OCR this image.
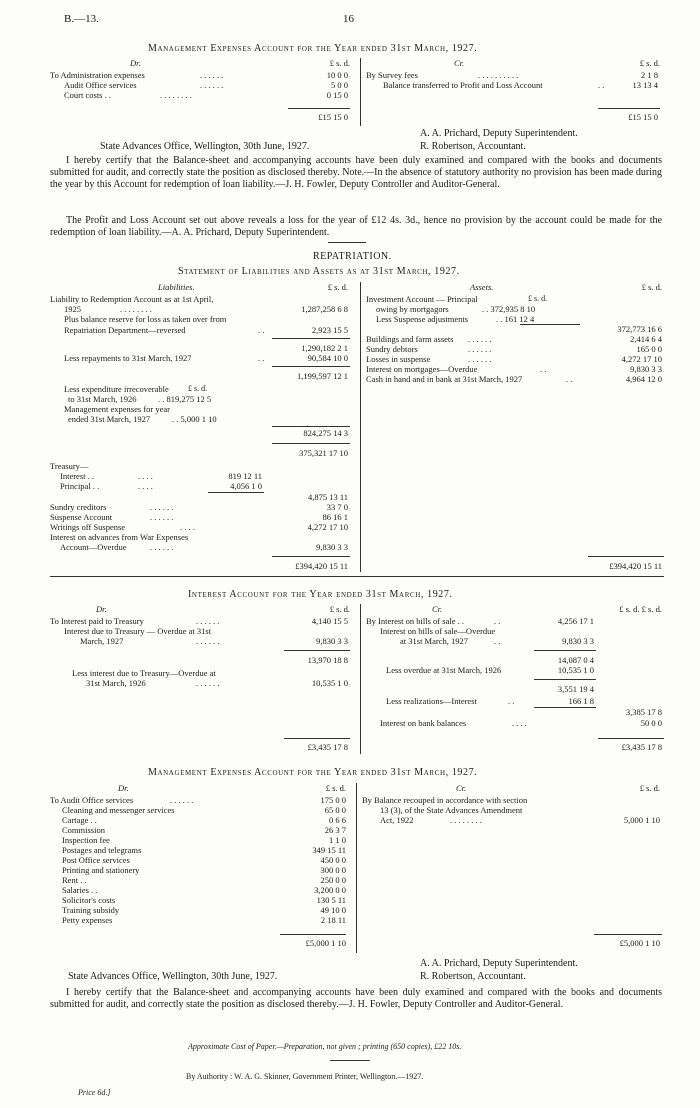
B.—13.	16
Management Expenses Account for the Year ended 31st March, 1927.
Dr.	Cr.
£ s. d.	£ s. d.
To Administration expenses	. . . . . .	10 0 0
Audit Office services	. . . . . .	5 0 0
Court costs . .	. . . . . . . .	0 15 0
By Survey fees	. . . . . . . . . .	2 1 8
Balance transferred to Profit and Loss Account	. .	13 13 4
£15 15 0	£15 15 0
A. A. Prichard, Deputy Superintendent.
State Advances Office, Wellington, 30th June, 1927.	R. Robertson, Accountant.
I hereby certify that the Balance-sheet and accompanying accounts have been duly examined and compared with the books and documents submitted for audit, and correctly state the position as disclosed thereby. Note.—In the absence of statutory authority no provision has been made during the year by this Account for redemption of loan liability.—J. H. Fowler, Deputy Controller and Auditor-General.
The Profit and Loss Account set out above reveals a loss for the year of £12 4s. 3d., hence no provision by the account could be made for the redemption of loan liability.—A. A. Prichard, Deputy Superintendent.
REPATRIATION.
Statement of Liabilities and Assets as at 31st March, 1927.
Liabilities.	Assets.
£ s. d.	£ s. d.
Liability to Redemption Account as at 1st April,
1925	. . . . . . . .	1,287,258 6 8
Plus balance reserve for loss as taken over from
Repatriation Department—reversed	. .	2,923 15 5
1,290,182 2 1
Less repayments to 31st March, 1927	. .	90,584 10 0
1,199,597 12 1
Less expenditure irrecoverable £ s. d.
to 31st March, 1926	. . 819,275 12 5
Management expenses for year
ended 31st March, 1927	. . 5,000 1 10
824,275 14 3
375,321 17 10
Treasury—
Interest . .	. . . .	819 12 11
Principal . .	. . . .	4,056 1 0
4,875 13 11
Sundry creditors	. . . . . .	33 7 0
Suspense Account	. . . . . .	86 16 1
Writings off Suspense	. . . .	4,272 17 10
Interest on advances from War Expenses
Account—Overdue	. . . . . .	9,830 3 3
£394,420 15 11
Investment Account — Principal	£ s. d.
owing by mortgagors	. . 372,935 8 10
Less Suspense adjustments	. . 161 12 4
372,773 16 6
Buildings and farm assets . . . . . .	2,414 6 4
Sundry debtors	. . . . . .	165 0 0
Losses in suspense	. . . . . .	4,272 17 10
Interest on mortgages—Overdue	. .	9,830 3 3
Cash in hand and in bank at 31st March, 1927	. .	4,964 12 0
£394,420 15 11
Interest Account for the Year ended 31st March, 1927.
Dr.	Cr.
£ s. d.	£ s. d. £ s. d.
To Interest paid to Treasury	. . . . . .	4,140 15 5
Interest due to Treasury — Overdue at 31st
March, 1927	. . . . . .	9,830 3 3
13,970 18 8
Less interest due to Treasury—Overdue at
31st March, 1926	. . . . . .	10,535 1 0
£3,435 17 8
By Interest on bills of sale . .	. .	4,256 17 1
Interest on bills of sale—Overdue
at 31st March, 1927	. .	9,830 3 3
14,087 0 4
Less overdue at 31st March, 1926	10,535 1 0
3,551 19 4
Less realizations—Interest	. .	166 1 8
3,385 17 8
Interest on bank balances	. . . .	50 0 0
£3,435 17 8
Management Expenses Account for the Year ended 31st March, 1927.
Dr.	Cr.
£ s. d.	£ s. d.
To Audit Office services	175 0 0
Cleaning and messenger services	65 0 0
Cartage . .	0 6 6
Commission	26 3 7
Inspection fee	1 1 0
Postages and telegrams	349 15 11
Post Office services	450 0 0
Printing and stationery	300 0 0
Rent . .	250 0 0
Salaries . .	3,200 0 0
Solicitor's costs	130 5 11
Training subsidy	49 10 0
Petty expenses	2 18 11
. . . . . .	By Balance recouped in accordance with section
13 (3), of the State Advances Amendment
Act, 1922	. . . . . . . .	5,000 1 10
£5,000 1 10	£5,000 1 10
A. A. Prichard, Deputy Superintendent.
State Advances Office, Wellington, 30th June, 1927.	R. Robertson, Accountant.
I hereby certify that the Balance-sheet and accompanying accounts have been duly examined and compared with the books and documents submitted for audit, and correctly state the position as disclosed thereby.—J. H. Fowler, Deputy Controller and Auditor-General.
Approximate Cost of Paper.—Preparation, not given ; printing (650 copies), £22 10s.
By Authority : W. A. G. Skinner, Government Printer, Wellington.—1927.
Price 6d.]
